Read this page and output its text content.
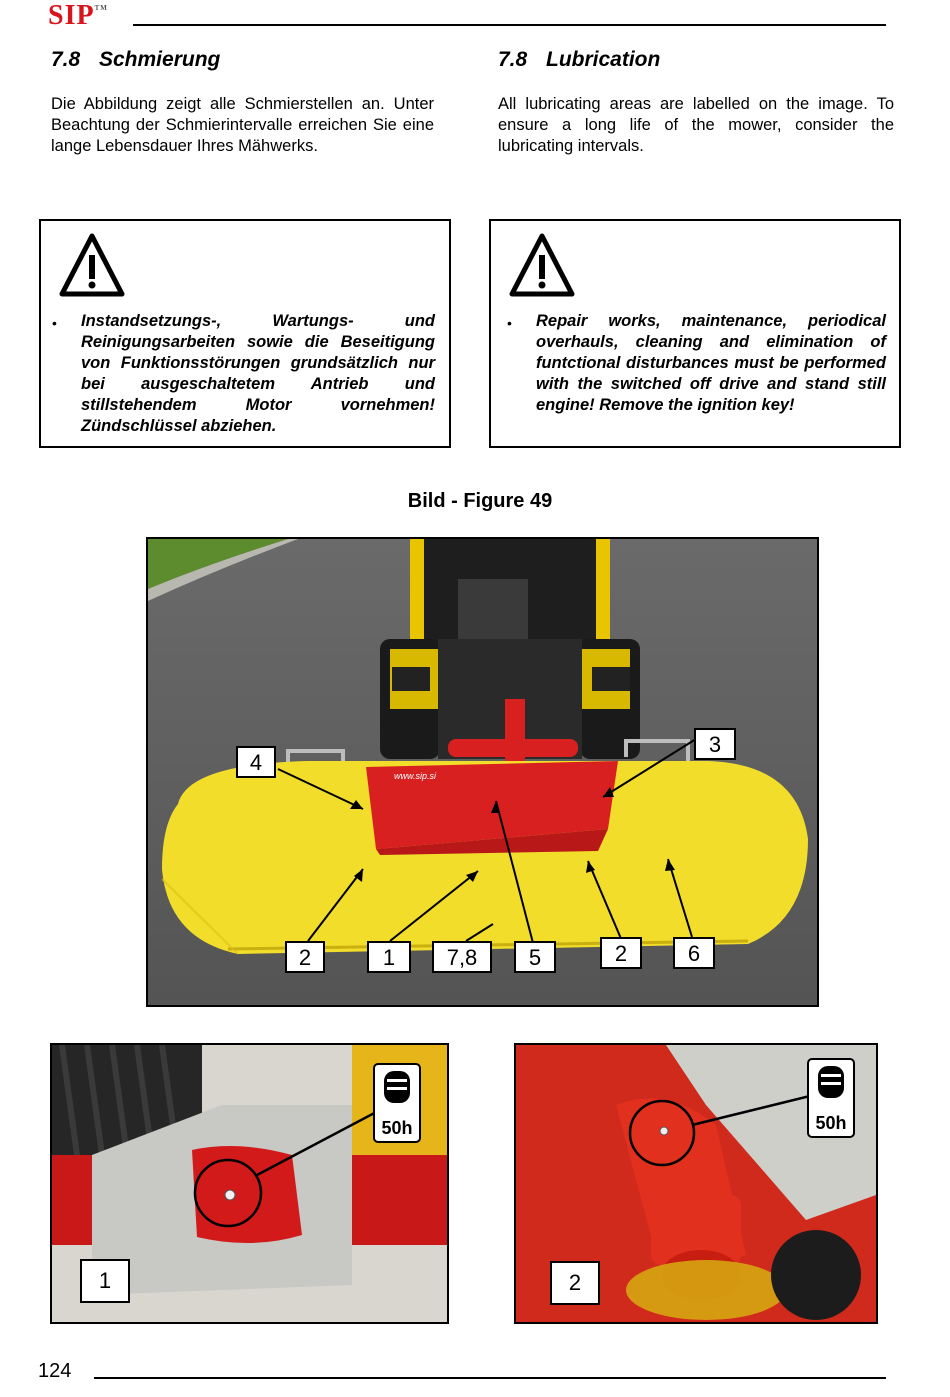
SIP™
7.8 Schmierung
Die Abbildung zeigt alle Schmierstellen an. Unter Beachtung der Schmierintervalle erreichen Sie eine lange Lebensdauer Ihres Mähwerks.
7.8 Lubrication
All lubricating areas are labelled on the image. To ensure a long life of the mower, consider the lubricating intervals.
• Instandsetzungs-, Wartungs- und Reinigungsarbeiten sowie die Beseitigung von Funktionsstörungen grundsätzlich nur bei ausgeschaltetem Antrieb und stillstehendem Motor vornehmen! Zündschlüssel abziehen.
• Repair works, maintenance, periodical overhauls, cleaning and elimination of funtctional disturbances must be performed with the switched off drive and stand still engine! Remove the ignition key!
Bild - Figure 49
www.sip.si
4
3
2	1	7,8	5	2	6
50h
1
50h
2
124
